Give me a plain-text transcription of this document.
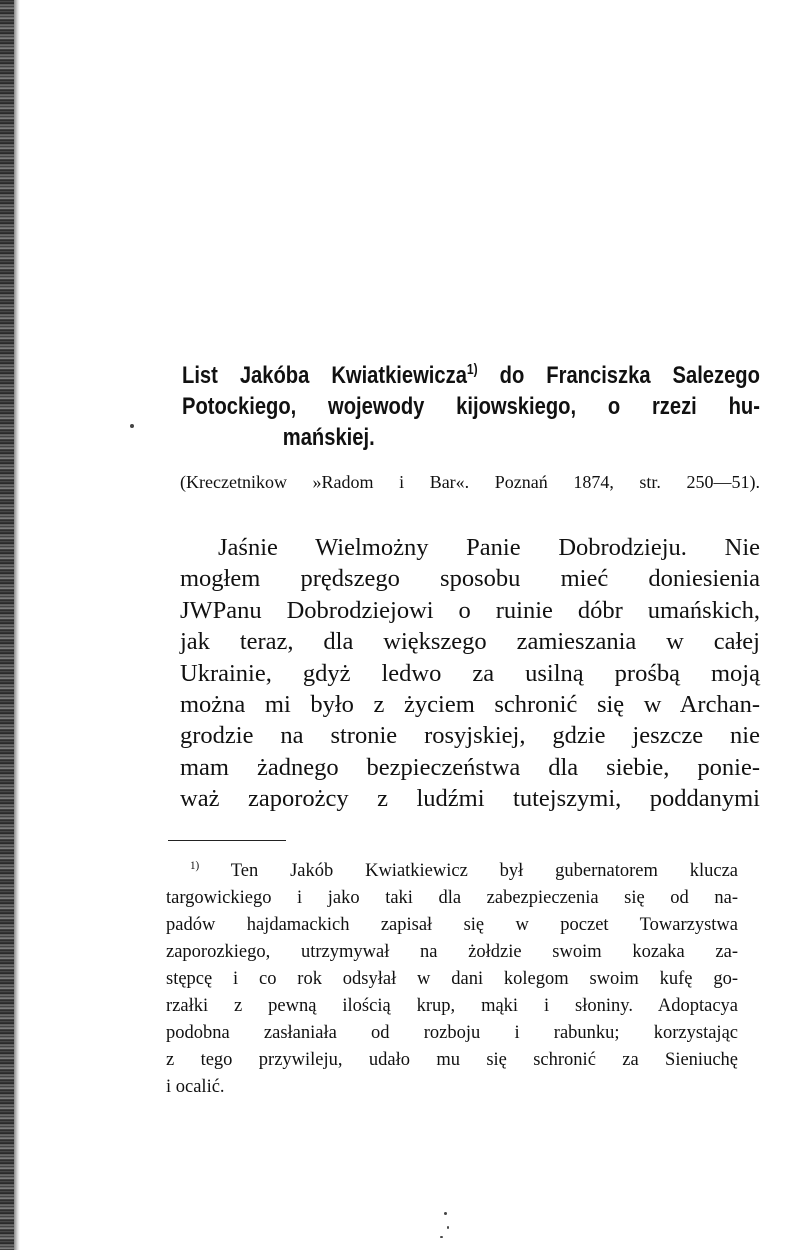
List Jakóba Kwiatkiewicza$^{1)}$ do Franciszka Salezego
Potockiego, wojewody kijowskiego, o rzezi hu-
mańskiej.
(Kreczetnikow »Radom i Bar«. Poznań 1874, str. 250—51).
Jaśnie Wielmożny Panie Dobrodzieju. Nie
mogłem prędszego sposobu mieć doniesienia
JWPanu Dobrodziejowi o ruinie dóbr umańskich,
jak teraz, dla większego zamieszania w całej
Ukrainie, gdyż ledwo za usilną prośbą moją
można mi było z życiem schronić się w Archan-
grodzie na stronie rosyjskiej, gdzie jeszcze nie
mam żadnego bezpieczeństwa dla siebie, ponie-
waż zaporożcy z ludźmi tutejszymi, poddanymi
$^{1)}$ Ten Jakób Kwiatkiewicz był gubernatorem klucza
targowickiego i jako taki dla zabezpieczenia się od na-
padów hajdamackich zapisał się w poczet Towarzystwa
zaporozkiego, utrzymywał na żołdzie swoim kozaka za-
stępcę i co rok odsyłał w dani kolegom swoim kufę go-
rzałki z pewną ilością krup, mąki i słoniny. Adoptacya
podobna zasłaniała od rozboju i rabunku; korzystając
z tego przywileju, udało mu się schronić za Sieniuchę
i ocalić.
